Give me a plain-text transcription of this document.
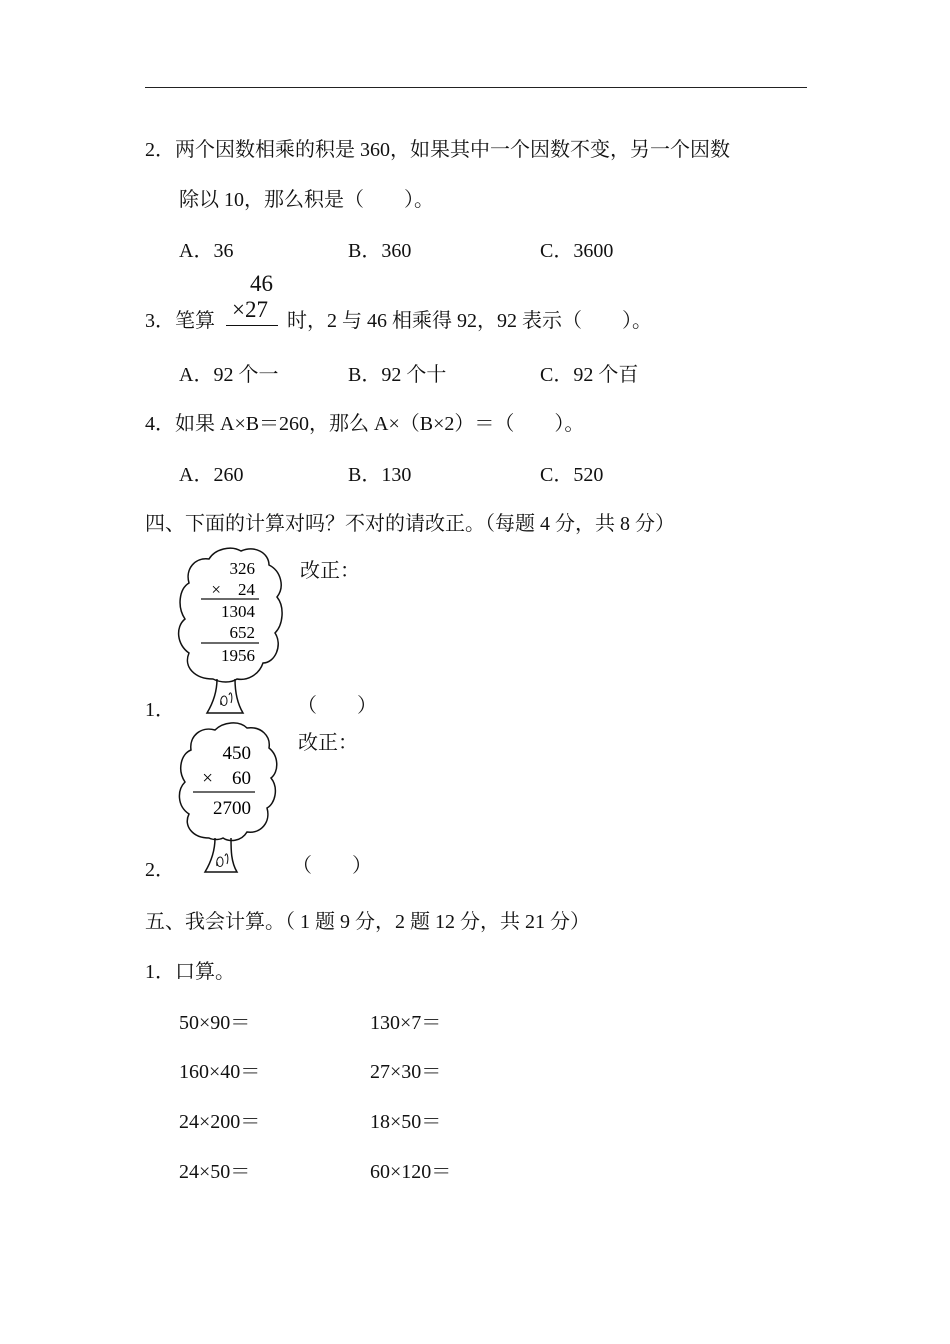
2．两个因数相乘的积是 360，如果其中一个因数不变，另一个因数
除以 10，那么积是（　　）。
A．36	B．360	C．3600
3．笔算
46
×27 时，2 与 46 相乘得 92，92 表示（　　）。
A．92 个一	B．92 个十	C．92 个百
4．如果 A×B＝260，那么 A×（B×2）＝（　　）。
A．260	B．130	C．520
四、下面的计算对吗？不对的请改正。（每题 4 分，共 8 分）
326
×　24
1304
652
1956
改正：
1．	（　　）
450
×　60
2700
改正：
2．	（　　）
五、我会计算。（ 1 题 9 分，2 题 12 分，共 21 分）
1．口算。
50×90＝	130×7＝
160×40＝	27×30＝
24×200＝	18×50＝
24×50＝	60×120＝
